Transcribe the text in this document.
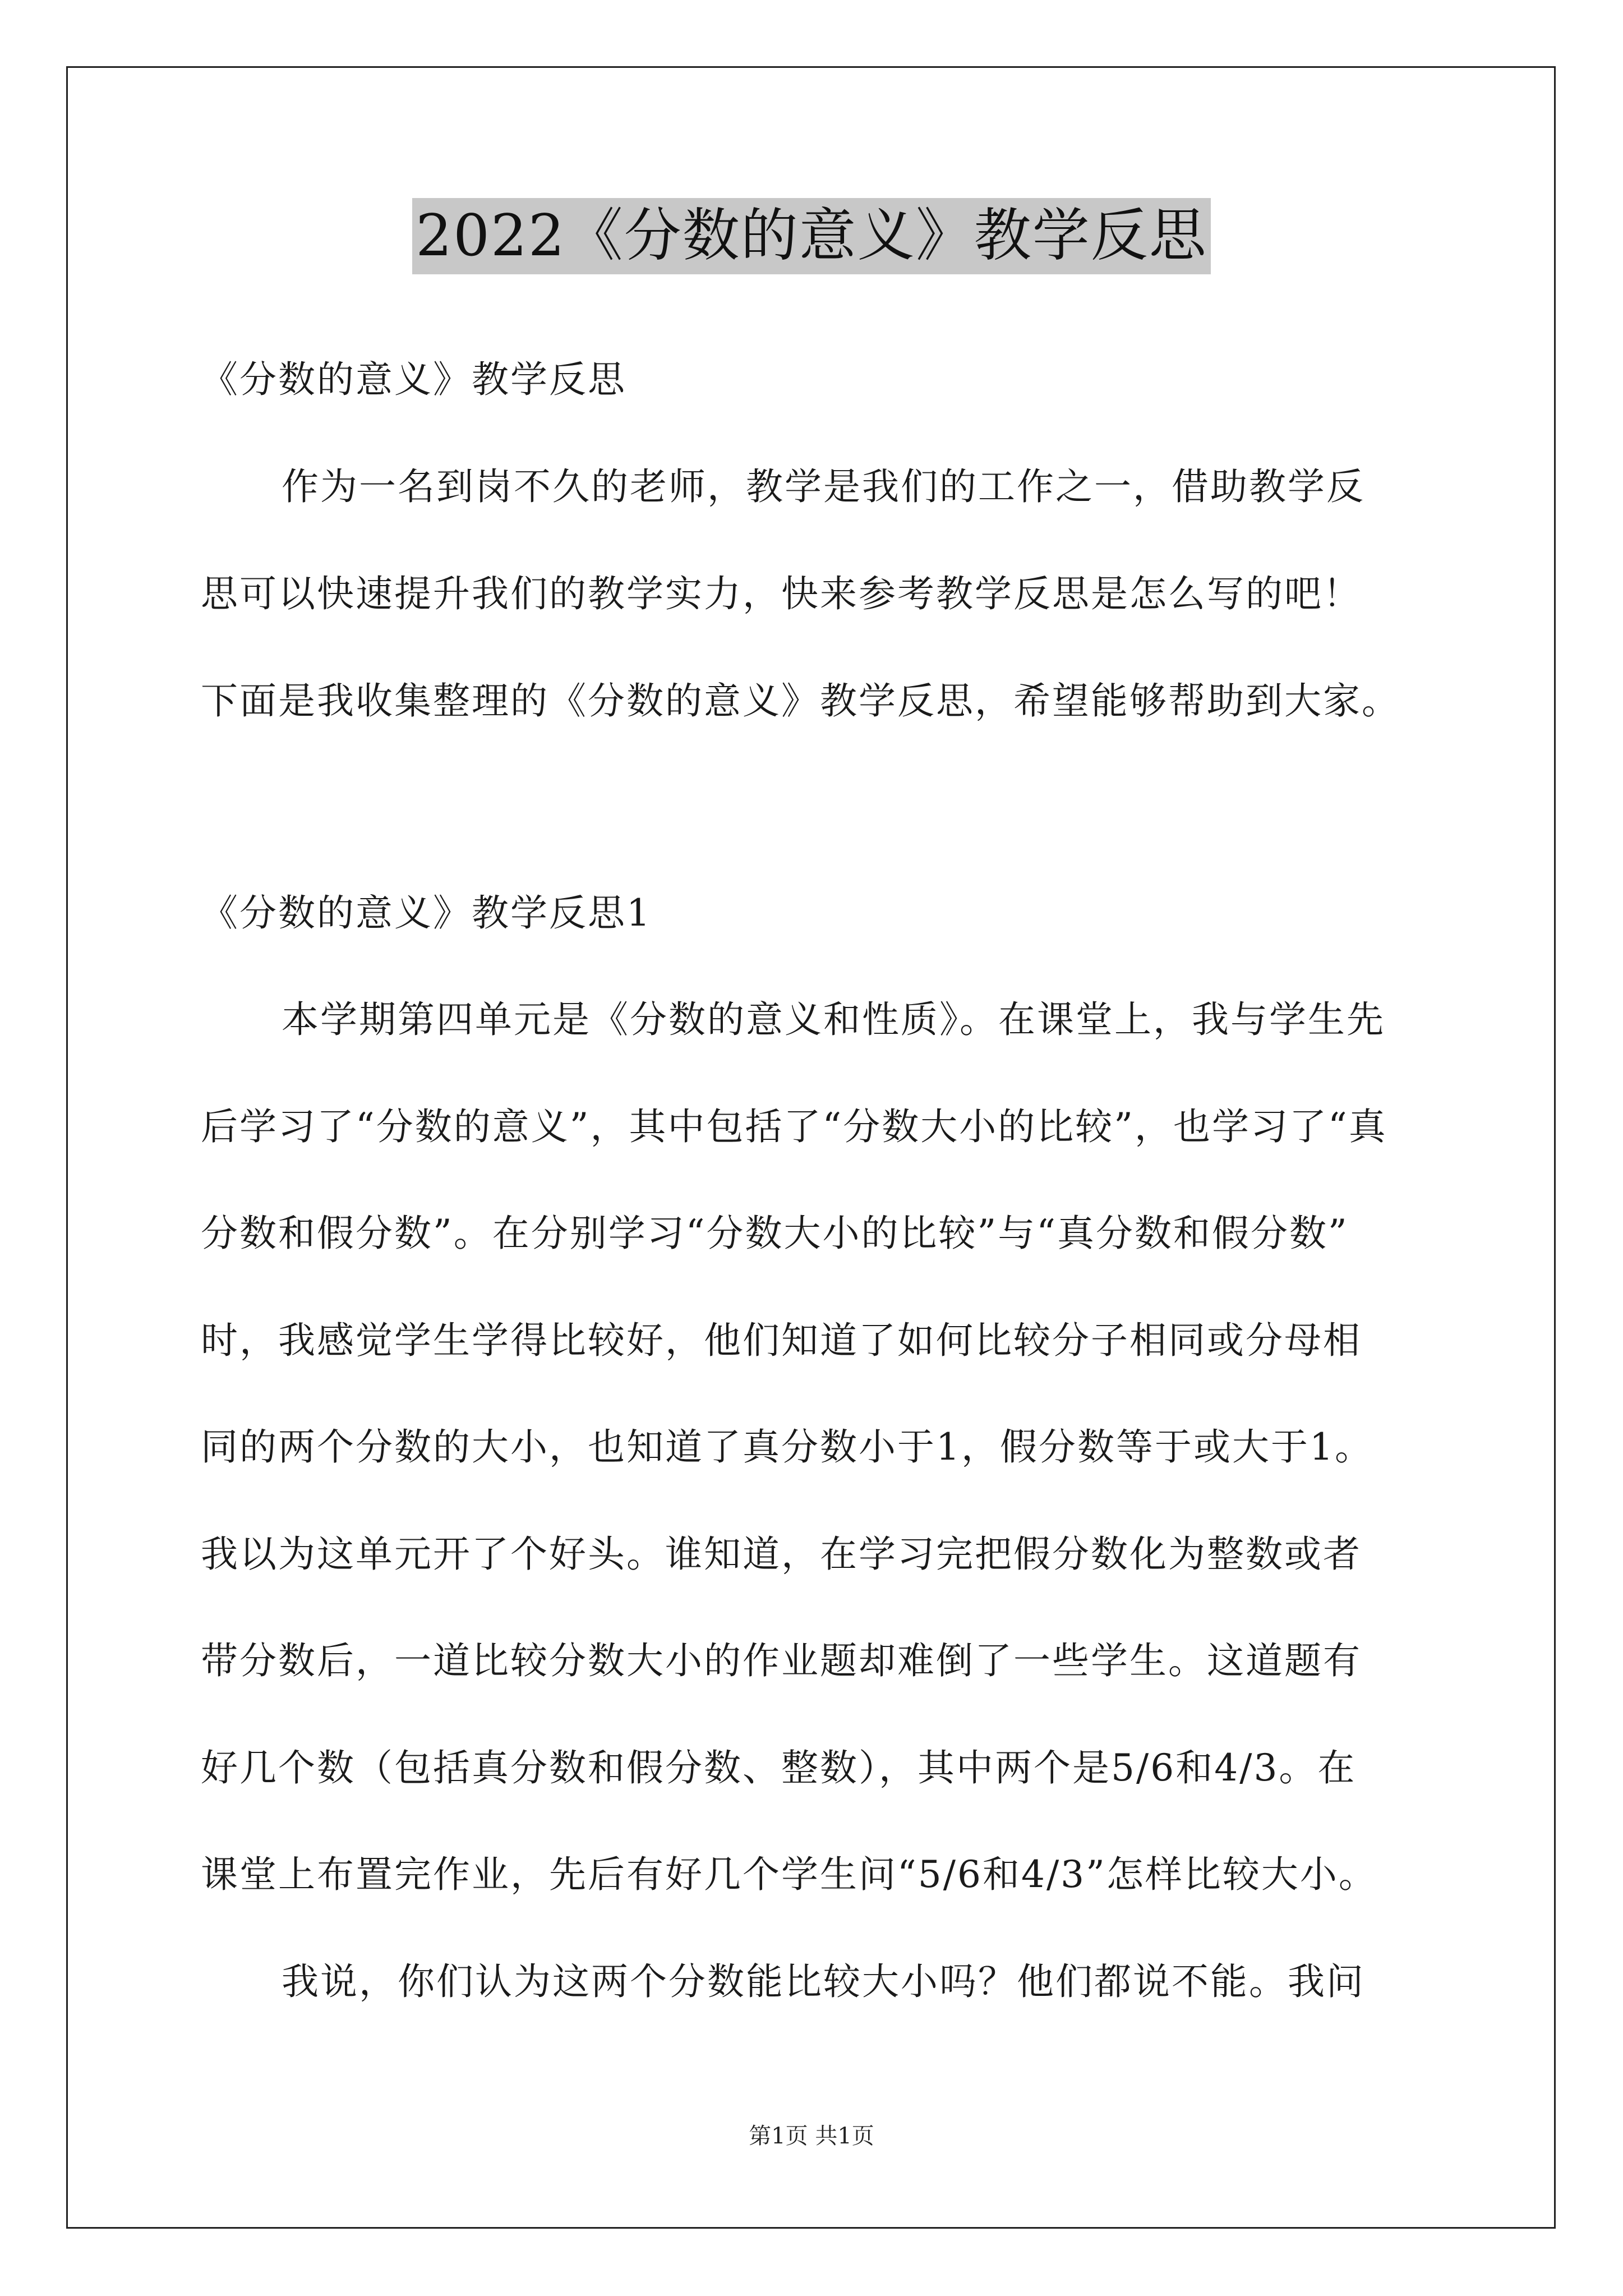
2022《分数的意义》教学反思
《分数的意义》教学反思
作为一名到岗不久的老师，教学是我们的工作之一，借助教学反
思可以快速提升我们的教学实力，快来参考教学反思是怎么写的吧！
下面是我收集整理的《分数的意义》教学反思，希望能够帮助到大家。
《分数的意义》教学反思1
本学期第四单元是《分数的意义和性质》。在课堂上，我与学生先
后学习了“分数的意义”，其中包括了“分数大小的比较”，也学习了“真
分数和假分数”。在分别学习“分数大小的比较”与“真分数和假分数”
时，我感觉学生学得比较好，他们知道了如何比较分子相同或分母相
同的两个分数的大小，也知道了真分数小于1，假分数等于或大于1。
我以为这单元开了个好头。谁知道，在学习完把假分数化为整数或者
带分数后，一道比较分数大小的作业题却难倒了一些学生。这道题有
好几个数（包括真分数和假分数、整数），其中两个是5/6和4/3。在
课堂上布置完作业，先后有好几个学生问“5/6和4/3”怎样比较大小。
我说，你们认为这两个分数能比较大小吗？他们都说不能。我问
第1页 共1页
